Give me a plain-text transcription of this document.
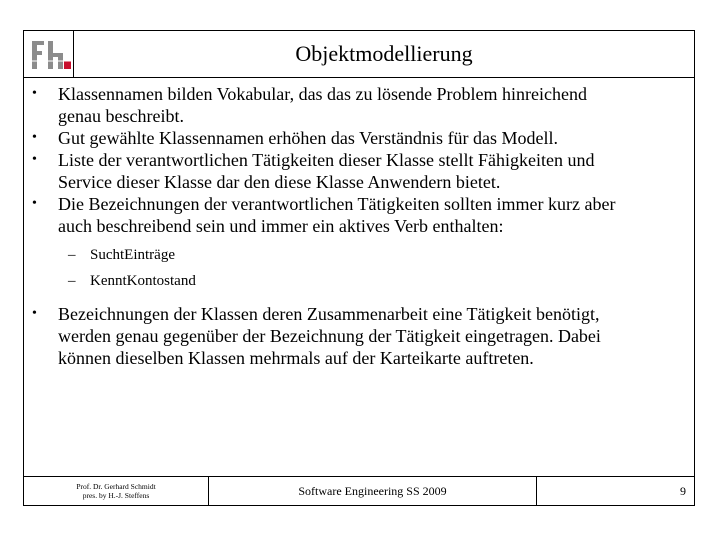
Objektmodellierung
• Klassennamen bilden Vokabular, das das zu lösende Problem hinreichend
genau beschreibt.
• Gut gewählte Klassennamen erhöhen das Verständnis für das Modell.
• Liste der verantwortlichen Tätigkeiten dieser Klasse stellt Fähigkeiten und
Service dieser Klasse dar den diese Klasse Anwendern bietet.
• Die Bezeichnungen der verantwortlichen Tätigkeiten sollten immer kurz aber
auch beschreibend sein und immer ein aktives Verb enthalten:
– SuchtEinträge
– KenntKontostand
• Bezeichnungen der Klassen deren Zusammenarbeit eine Tätigkeit benötigt,
werden genau gegenüber der Bezeichnung der Tätigkeit eingetragen. Dabei
können dieselben Klassen mehrmals auf der Karteikarte auftreten.
Prof. Dr. Gerhard Schmidt
pres. by H.-J. Steffens	Software Engineering SS 2009	9
